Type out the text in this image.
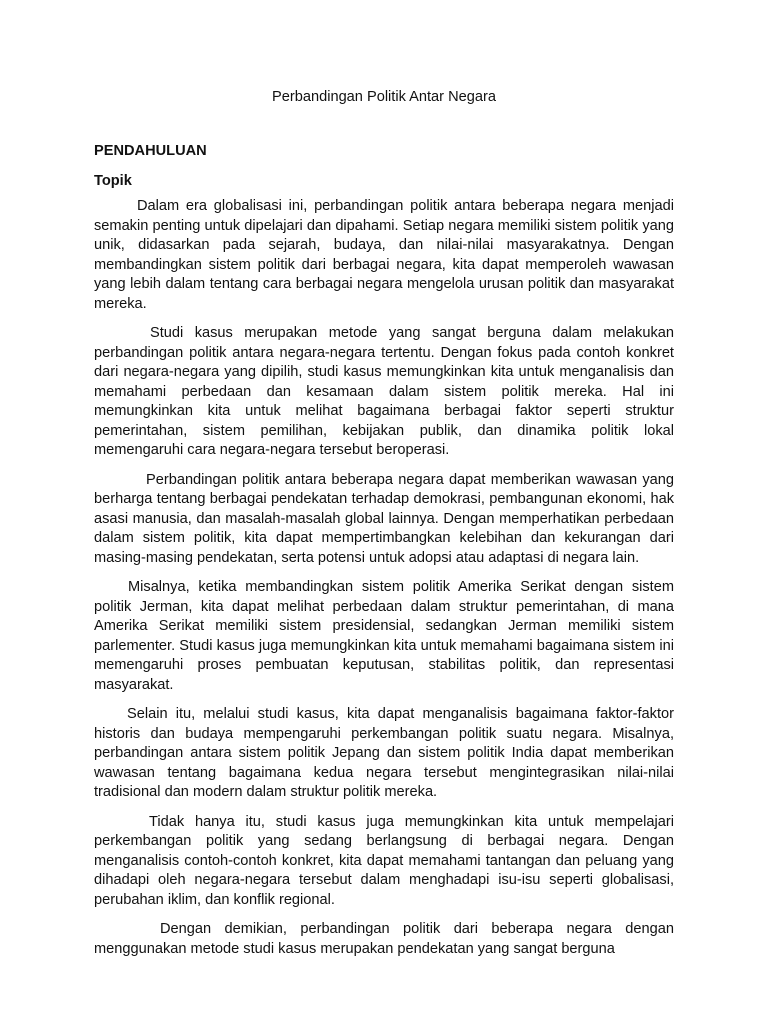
Perbandingan Politik Antar Negara
PENDAHULUAN
Topik

Dalam era globalisasi ini, perbandingan politik antara beberapa negara menjadi semakin penting untuk dipelajari dan dipahami. Setiap negara memiliki sistem politik yang unik, didasarkan pada sejarah, budaya, dan nilai-nilai masyarakatnya. Dengan membandingkan sistem politik dari berbagai negara, kita dapat memperoleh wawasan yang lebih dalam tentang cara berbagai negara mengelola urusan politik dan masyarakat mereka.

Studi kasus merupakan metode yang sangat berguna dalam melakukan perbandingan politik antara negara-negara tertentu. Dengan fokus pada contoh konkret dari negara-negara yang dipilih, studi kasus memungkinkan kita untuk menganalisis dan memahami perbedaan dan kesamaan dalam sistem politik mereka. Hal ini memungkinkan kita untuk melihat bagaimana berbagai faktor seperti struktur pemerintahan, sistem pemilihan, kebijakan publik, dan dinamika politik lokal memengaruhi cara negara-negara tersebut beroperasi.

Perbandingan politik antara beberapa negara dapat memberikan wawasan yang berharga tentang berbagai pendekatan terhadap demokrasi, pembangunan ekonomi, hak asasi manusia, dan masalah-masalah global lainnya. Dengan memperhatikan perbedaan dalam sistem politik, kita dapat mempertimbangkan kelebihan dan kekurangan dari masing-masing pendekatan, serta potensi untuk adopsi atau adaptasi di negara lain.

Misalnya, ketika membandingkan sistem politik Amerika Serikat dengan sistem politik Jerman, kita dapat melihat perbedaan dalam struktur pemerintahan, di mana Amerika Serikat memiliki sistem presidensial, sedangkan Jerman memiliki sistem parlementer. Studi kasus juga memungkinkan kita untuk memahami bagaimana sistem ini memengaruhi proses pembuatan keputusan, stabilitas politik, dan representasi masyarakat.

Selain itu, melalui studi kasus, kita dapat menganalisis bagaimana faktor-faktor historis dan budaya mempengaruhi perkembangan politik suatu negara. Misalnya, perbandingan antara sistem politik Jepang dan sistem politik India dapat memberikan wawasan tentang bagaimana kedua negara tersebut mengintegrasikan nilai-nilai tradisional dan modern dalam struktur politik mereka.

Tidak hanya itu, studi kasus juga memungkinkan kita untuk mempelajari perkembangan politik yang sedang berlangsung di berbagai negara. Dengan menganalisis contoh-contoh konkret, kita dapat memahami tantangan dan peluang yang dihadapi oleh negara-negara tersebut dalam menghadapi isu-isu seperti globalisasi, perubahan iklim, dan konflik regional.

Dengan demikian, perbandingan politik dari beberapa negara dengan menggunakan metode studi kasus merupakan pendekatan yang sangat berguna
